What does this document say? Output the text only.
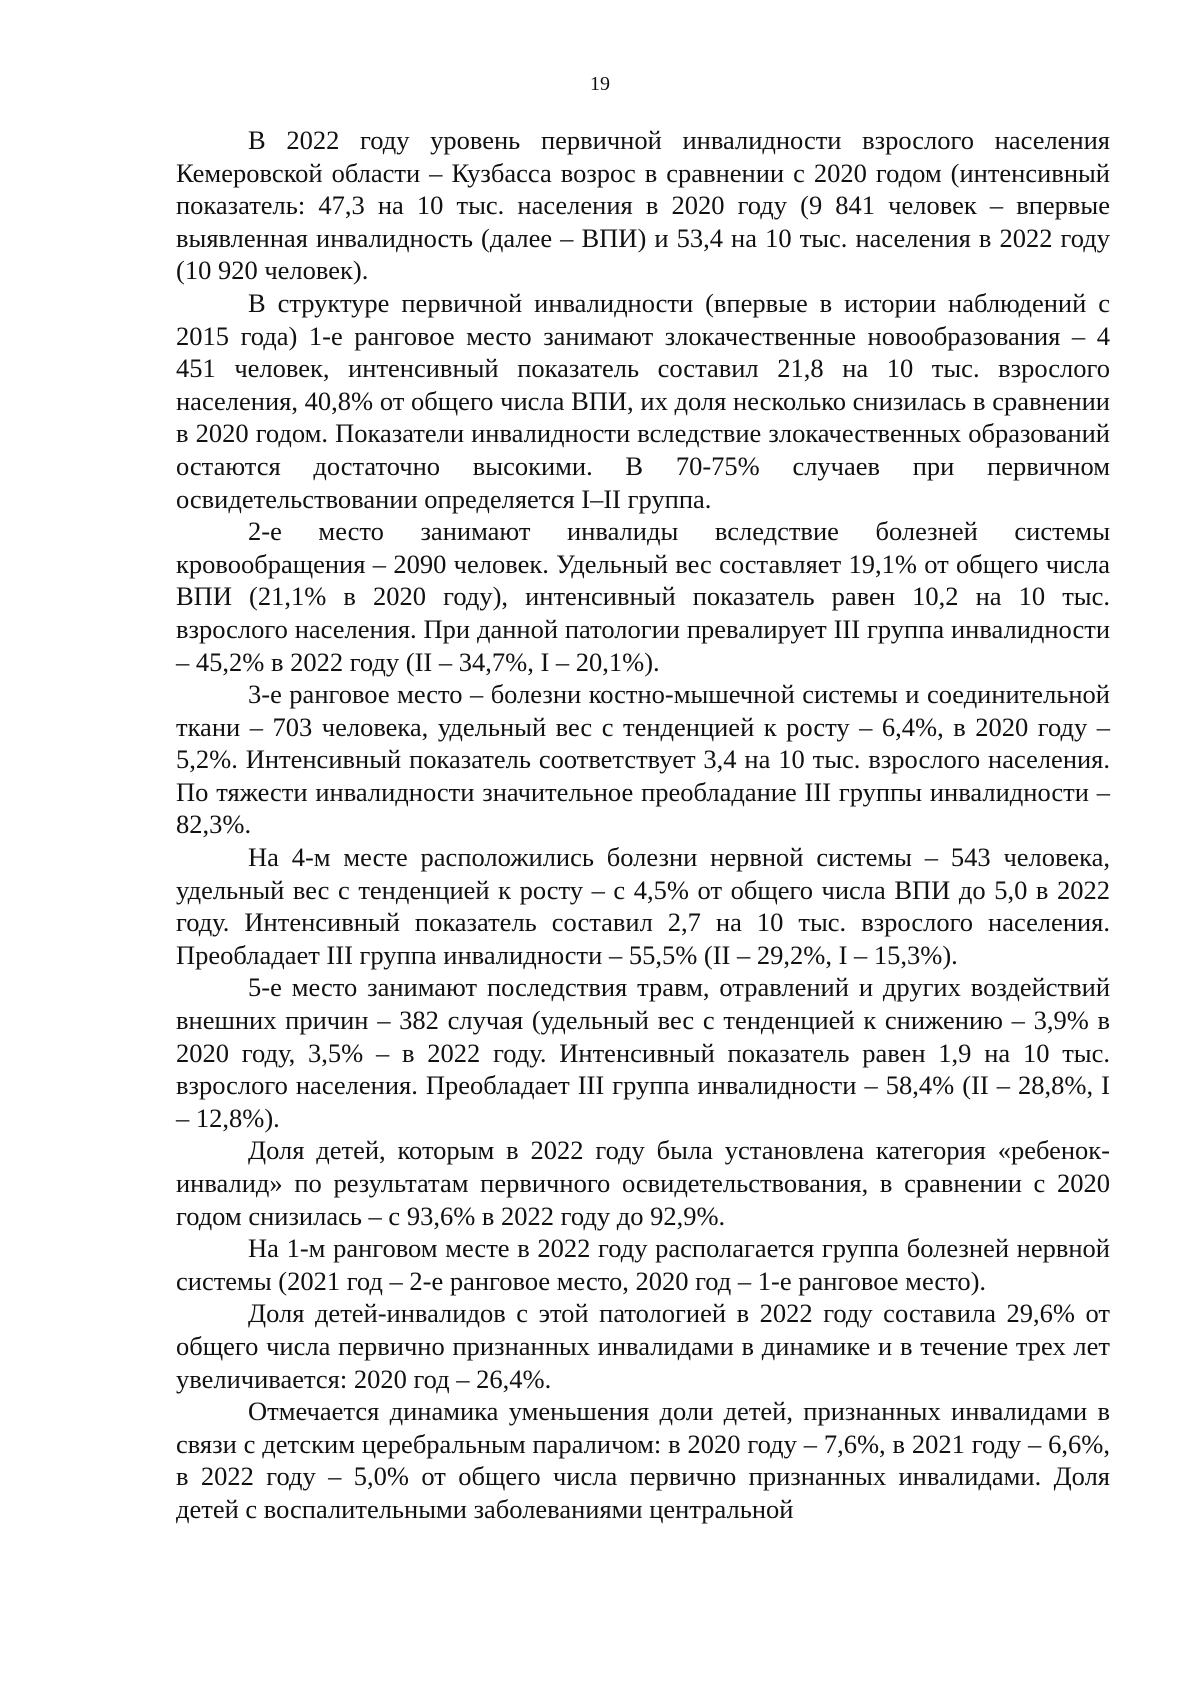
19

В 2022 году уровень первичной инвалидности взрослого населения Кемеровской области – Кузбасса возрос в сравнении с 2020 годом (интенсивный показатель: 47,3 на 10 тыс. населения в 2020 году (9 841 человек – впервые выявленная инвалидность (далее – ВПИ) и 53,4 на 10 тыс. населения в 2022 году (10 920 человек).

В структуре первичной инвалидности (впервые в истории наблюдений с 2015 года) 1-е ранговое место занимают злокачественные новообразования – 4 451 человек, интенсивный показатель составил 21,8 на 10 тыс. взрослого населения, 40,8% от общего числа ВПИ, их доля несколько снизилась в сравнении в 2020 годом. Показатели инвалидности вследствие злокачественных образований остаются достаточно высокими. В 70-75% случаев при первичном освидетельствовании определяется I–II группа.

2-е место занимают инвалиды вследствие болезней системы кровообращения – 2090 человек. Удельный вес составляет 19,1% от общего числа ВПИ (21,1% в 2020 году), интенсивный показатель равен 10,2 на 10 тыс. взрослого населения. При данной патологии превалирует III группа инвалидности – 45,2% в 2022 году (II – 34,7%, I – 20,1%).

3-е ранговое место – болезни костно-мышечной системы и соединительной ткани – 703 человека, удельный вес с тенденцией к росту – 6,4%, в 2020 году – 5,2%. Интенсивный показатель соответствует 3,4 на 10 тыс. взрослого населения. По тяжести инвалидности значительное преобладание III группы инвалидности – 82,3%.

На 4-м месте расположились болезни нервной системы – 543 человека, удельный вес с тенденцией к росту – с 4,5% от общего числа ВПИ до 5,0 в 2022 году. Интенсивный показатель составил 2,7 на 10 тыс. взрослого населения. Преобладает III группа инвалидности – 55,5% (II – 29,2%, I – 15,3%).

5-е место занимают последствия травм, отравлений и других воздействий внешних причин – 382 случая (удельный вес с тенденцией к снижению – 3,9% в 2020 году, 3,5% – в 2022 году. Интенсивный показатель равен 1,9 на 10 тыс. взрослого населения. Преобладает III группа инвалидности – 58,4% (II – 28,8%, I – 12,8%).

Доля детей, которым в 2022 году была установлена категория «ребенок-инвалид» по результатам первичного освидетельствования, в сравнении с 2020 годом снизилась – с 93,6% в 2022 году до 92,9%.

На 1-м ранговом месте в 2022 году располагается группа болезней нервной системы (2021 год – 2-е ранговое место, 2020 год – 1-е ранговое место).

Доля детей-инвалидов с этой патологией в 2022 году составила 29,6% от общего числа первично признанных инвалидами в динамике и в течение трех лет увеличивается: 2020 год – 26,4%.

Отмечается динамика уменьшения доли детей, признанных инвалидами в связи с детским церебральным параличом: в 2020 году – 7,6%, в 2021 году – 6,6%, в 2022 году – 5,0% от общего числа первично признанных инвалидами. Доля детей с воспалительными заболеваниями центральной
